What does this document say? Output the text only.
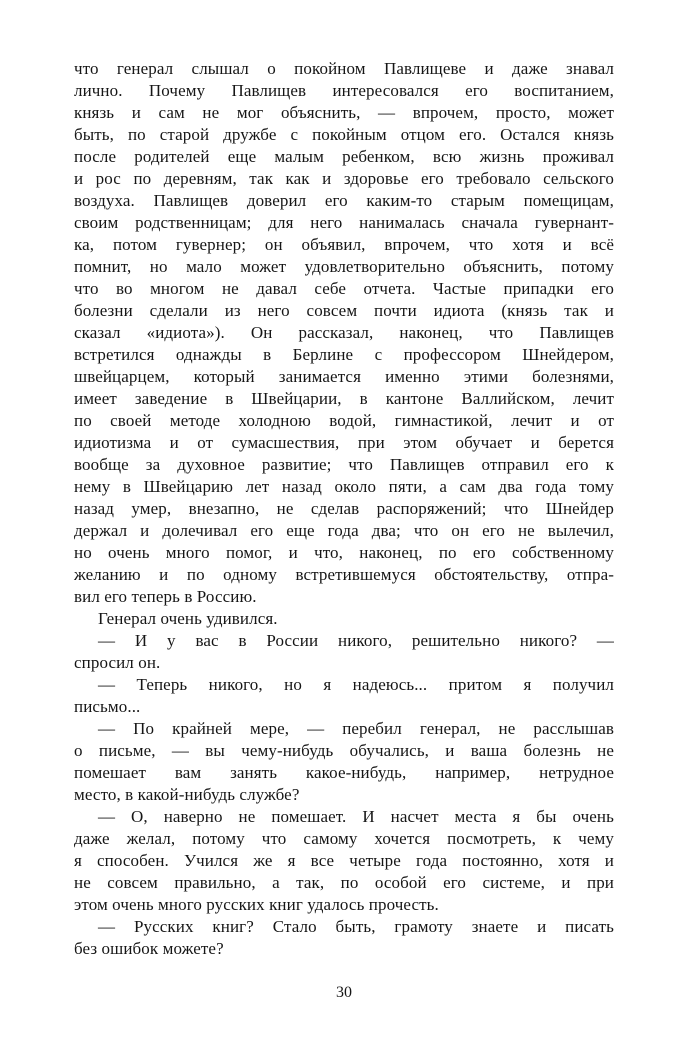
что генерал слышал о покойном Павлищеве и даже знавал
лично. Почему Павлищев интересовался его воспитанием,
князь и сам не мог объяснить, — впрочем, просто, может
быть, по старой дружбе с покойным отцом его. Остался князь
после родителей еще малым ребенком, всю жизнь проживал
и рос по деревням, так как и здоровье его требовало сельского
воздуха. Павлищев доверил его каким-то старым помещицам,
своим родственницам; для него нанималась сначала гувернант-
ка, потом гувернер; он объявил, впрочем, что хотя и всё
помнит, но мало может удовлетворительно объяснить, потому
что во многом не давал себе отчета. Частые припадки его
болезни сделали из него совсем почти идиота (князь так и
сказал «идиота»). Он рассказал, наконец, что Павлищев
встретился однажды в Берлине с профессором Шнейдером,
швейцарцем, который занимается именно этими болезнями,
имеет заведение в Швейцарии, в кантоне Валлийском, лечит
по своей методе холодною водой, гимнастикой, лечит и от
идиотизма и от сумасшествия, при этом обучает и берется
вообще за духовное развитие; что Павлищев отправил его к
нему в Швейцарию лет назад около пяти, а сам два года тому
назад умер, внезапно, не сделав распоряжений; что Шнейдер
держал и долечивал его еще года два; что он его не вылечил,
но очень много помог, и что, наконец, по его собственному
желанию и по одному встретившемуся обстоятельству, отпра-
вил его теперь в Россию.
Генерал очень удивился.
— И у вас в России никого, решительно никого? —
спросил он.
— Теперь никого, но я надеюсь... притом я получил
письмо...
— По крайней мере, — перебил генерал, не расслышав
о письме, — вы чему-нибудь обучались, и ваша болезнь не
помешает вам занять какое-нибудь, например, нетрудное
место, в какой-нибудь службе?
— О, наверно не помешает. И насчет места я бы очень
даже желал, потому что самому хочется посмотреть, к чему
я способен. Учился же я все четыре года постоянно, хотя и
не совсем правильно, а так, по особой его системе, и при
этом очень много русских книг удалось прочесть.
— Русских книг? Стало быть, грамоту знаете и писать
без ошибок можете?
30
